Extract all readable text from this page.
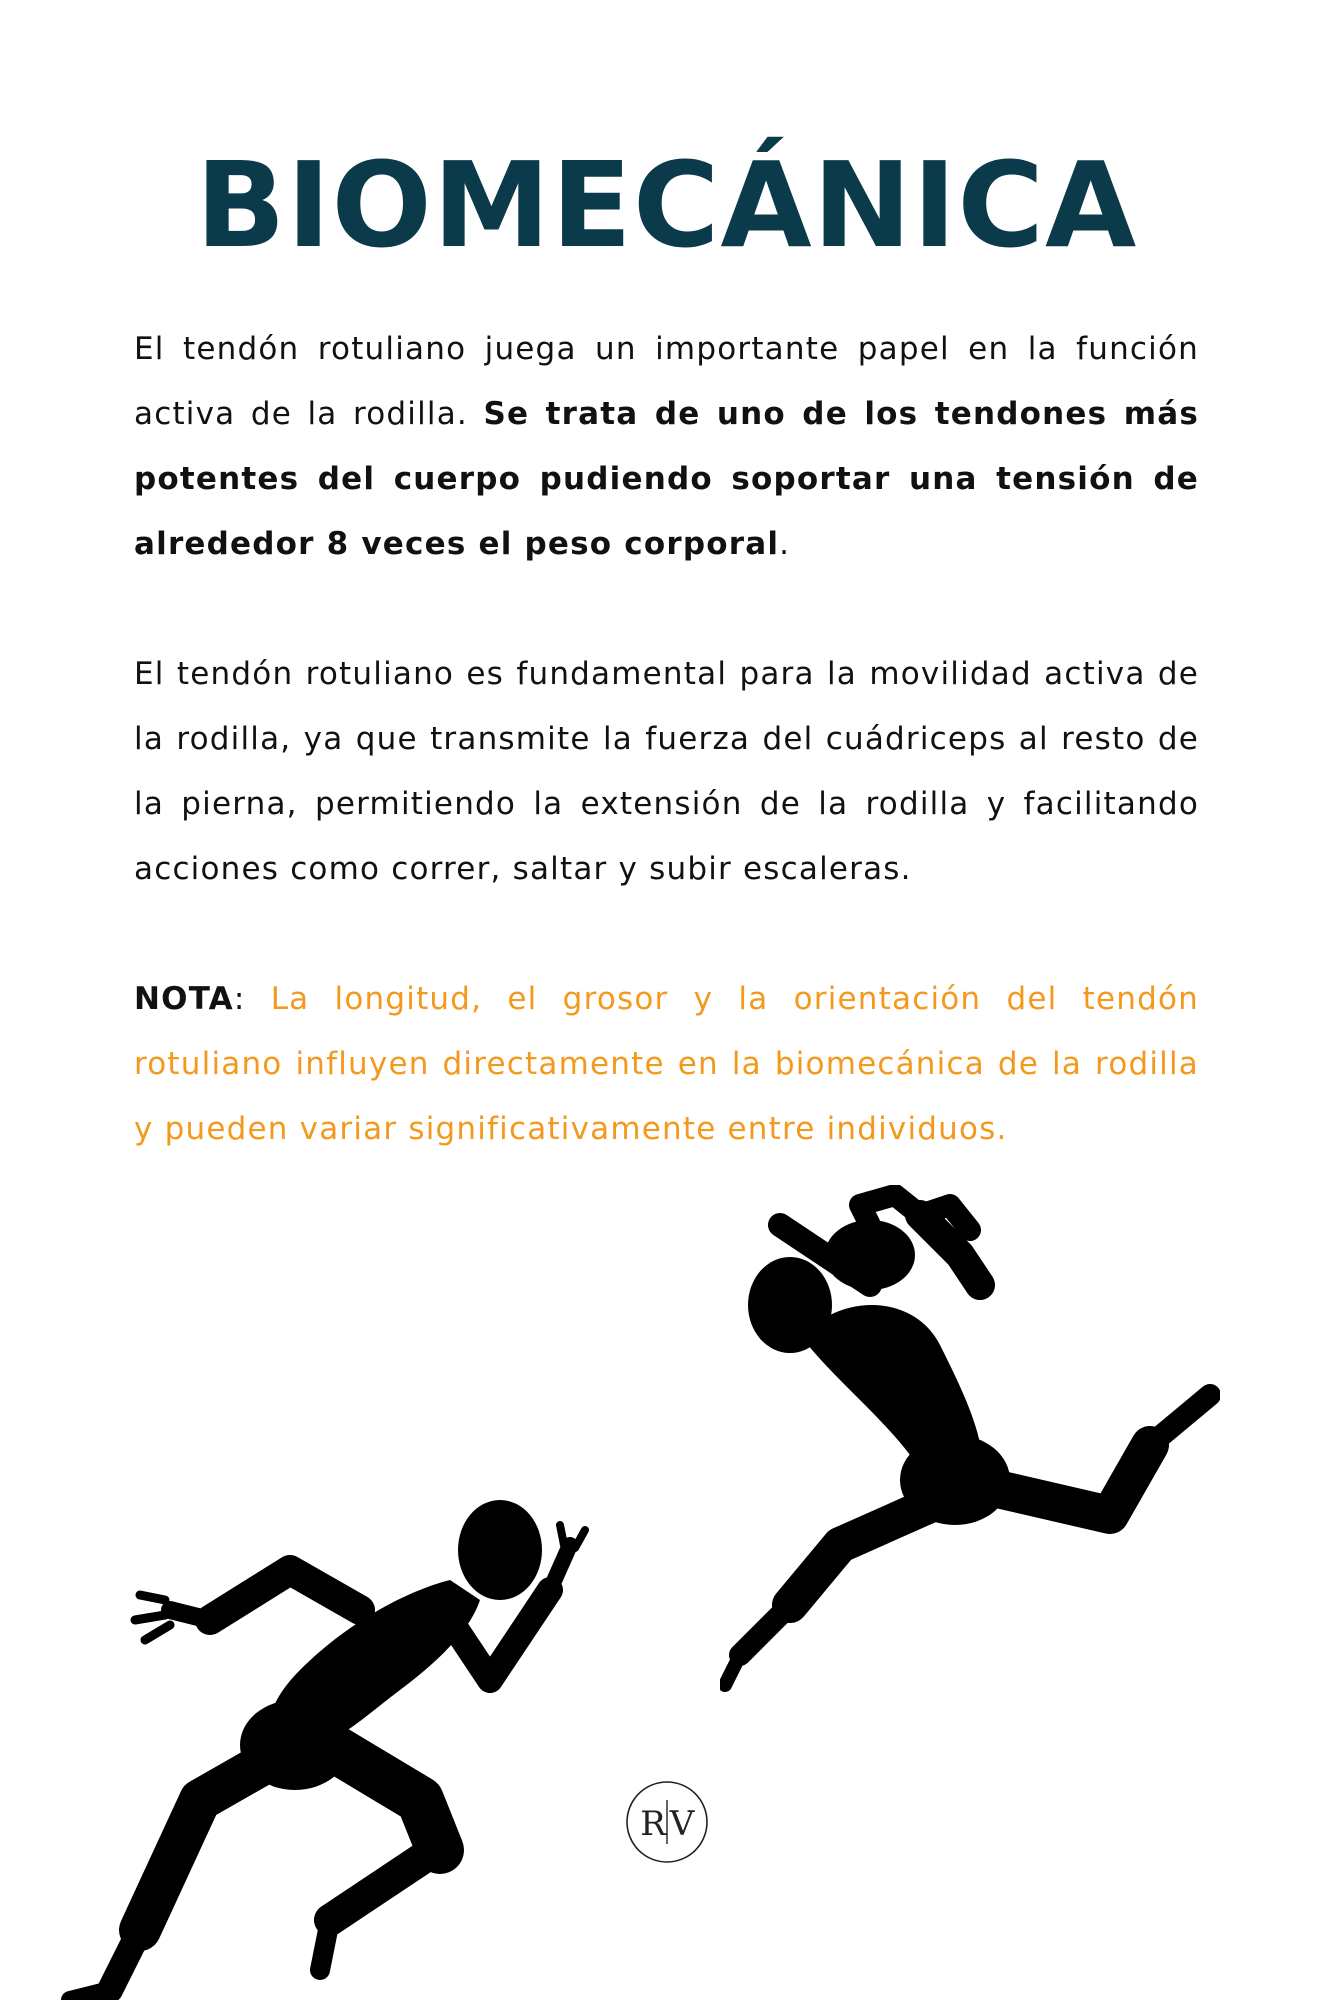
BIOMECÁNICA

El tendón rotuliano juega un importante papel en la función activa de la rodilla. Se trata de uno de los tendones más potentes del cuerpo pudiendo soportar una tensión de alrededor 8 veces el peso corporal.

El tendón rotuliano es fundamental para la movilidad activa de la rodilla, ya que transmite la fuerza del cuádriceps al resto de la pierna, permitiendo la extensión de la rodilla y facilitando acciones como correr, saltar y subir escaleras.

NOTA: La longitud, el grosor y la orientación del tendón rotuliano influyen directamente en la biomecánica de la rodilla y pueden variar significativamente entre individuos.

R V
